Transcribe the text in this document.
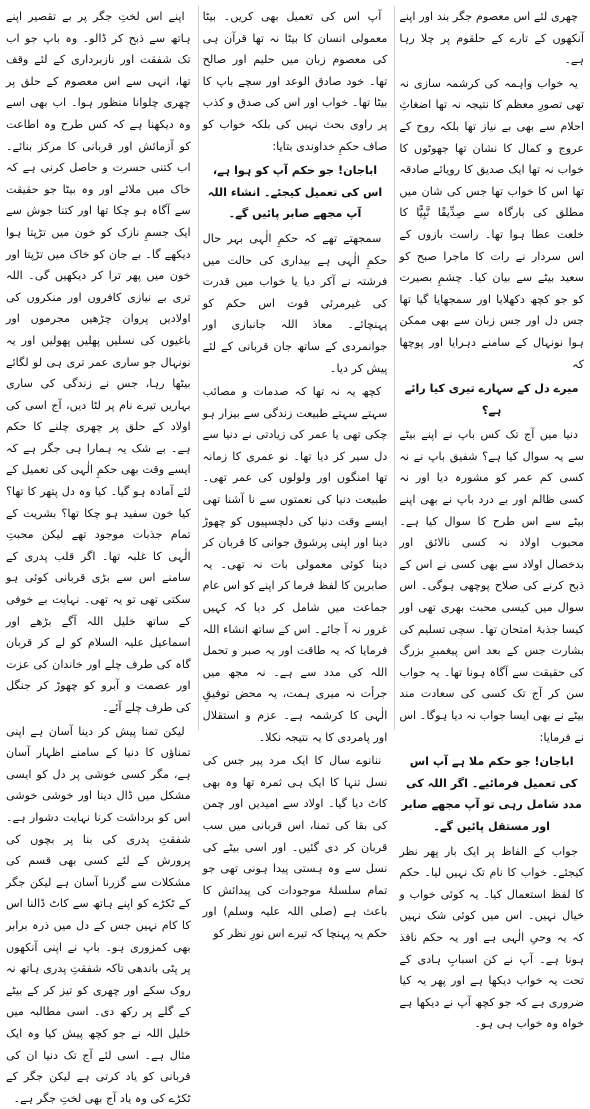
چھری لئے اس معصوم جگر بند اور اپنے آنکھوں کے تارے کے حلقوم پر چلا رہا ہے۔

یہ خواب واہمہ کی کرشمہ سازی نہ تھی تصورِ معظم کا نتیجہ نہ تھا اضغاثِ احلام سے بھی بے نیاز تھا بلکہ روح کے عروج و کمال کا نشان تھا جھوٹوں کا خواب نہ تھا ایک صدیق کا رویائے صادقہ تھا اس کا خواب تھا جس کی شان میں مطلق کی بارگاہ سے صِدِّیقًا نَّبِیًّا کا خلعت عطا ہوا تھا۔ راست بازوں کے اس سردار نے رات کا ماجرا صبح کو سعید بیٹے سے بیان کیا۔ چشمِ بصیرت کو جو کچھ دکھلایا اور سمجھایا گیا تھا جس دل اور جس زبان سے بھی ممکن ہوا نونہال کے سامنے دہرایا اور پوچھا کہ

میرے دل کے سہارے تیری کیا رائے ہے؟

دنیا میں آج تک کس باپ نے اپنے بیٹے سے یہ سوال کیا ہے؟ شفیق باپ نے نہ کسی کم عمر کو مشورہ دیا اور نہ کسی ظالم اور بے درد باپ نے بھی اپنے بیٹے سے اس طرح کا سوال کیا ہے۔ محبوب اولاد نہ کسی نالائق اور بدخصال اولاد سے بھی کسی نے اس کے ذبح کرنے کی صلاح پوچھی ہوگی۔ اس سوال میں کیسی محبت بھری تھی اور کیسا جذبۂ امتحان تھا۔ سچی تسلیم کی بشارت جس کے بعد اس پیغمبرِ بزرگ کی حقیقت سے آگاہ ہونا تھا۔ یہ جواب سن کر آج تک کسی کی سعادت مند بیٹے نے بھی ایسا جواب نہ دیا ہوگا۔ اس نے فرمایا:

اباجان! جو حکم ملا ہے آپ اس کی تعمیل فرمائیے۔ اگر اللہ کی مدد شامل رہی تو آپ مجھے صابر اور مستقل پائیں گے۔

جواب کے الفاظ پر ایک بار پھر نظر کیجئے۔ خواب کا نام تک نہیں لیا۔ حکم کا لفظ استعمال کیا۔ یہ کوئی خواب و خیال نہیں۔ اس میں کوئی شک نہیں کہ یہ وحیِ الٰہی ہے اور یہ حکم نافذ ہونا ہے۔ آپ نے کن اسبابِ ہادی کے تحت یہ خواب دیکھا ہے اور پھر یہ کیا ضروری ہے کہ جو کچھ آپ نے دیکھا ہے خواہ وہ خواب ہی ہو۔

آپ اس کی تعمیل بھی کریں۔ بیٹا معمولی انسان کا بیٹا نہ تھا قرآن ہی کی معصوم زبان میں حلیم اور صالح تھا۔ خود صادق الوعد اور سچے باپ کا بیٹا تھا۔ خواب اور اس کی صدق و کذب پر راوی بحث نہیں کی بلکہ خواب کو صاف حکمِ خداوندی بتایا:

اباجان! جو حکم آپ کو ہوا ہے، اس کی تعمیل کیجئے۔ انشاء اللہ آپ مجھے صابر پائیں گے۔

سمجھتے تھے کہ حکمِ الٰہی بہر حال حکمِ الٰہی ہے بیداری کی حالت میں فرشتہ نے آکر دیا یا خواب میں قدرت کی غیرمرئی قوت اس حکم کو پہنچائے۔ معاذ اللہ جانبازی اور جوانمردی کے ساتھ جان قربانی کے لئے پیش کر دیا۔

کچھ یہ نہ تھا کہ صدمات و مصائب سہتے سہتے طبیعت زندگی سے بیزار ہو چکی تھی یا عمر کی زیادتی نے دنیا سے دل سیر کر دیا تھا۔ نو عمری کا زمانہ تھا امنگوں اور ولولوں کی عمر تھی۔ طبیعت دنیا کی نعمتوں سے نا آشنا تھی ایسے وقت دنیا کی دلچسپیوں کو چھوڑ دینا اور اپنی پرشوق جوانی کا قربان کر دینا کوئی معمولی بات نہ تھی۔ یہ صابرین کا لفظ فرما کر اپنے کو اس عام جماعت میں شامل کر دیا کہ کہیں غرور نہ آ جائے۔ اس کے ساتھ انشاء اللہ فرمایا کہ یہ طاقت اور یہ صبر و تحمل اللہ کی مدد سے ہے۔ نہ مجھ میں جرأت نہ میری ہمت، یہ محض توفیقِ الٰہی کا کرشمہ ہے۔ عزم و استقلال اور پامردی کا یہ نتیجہ نکلا۔

ننانوے سال کا ایک مرد پیر جس کی نسل تنہا کا ایک ہی ثمرہ تھا وہ بھی کاٹ دیا گیا۔ اولاد سے امیدیں اور چمن کی بقا کی تمنا، اس قربانی میں سب قربان کر دی گئیں۔ اور اسی بیٹے کی نسل سے وہ ہستی پیدا ہونی تھی جو تمام سلسلۂ موجودات کی پیدائش کا باعث ہے (صلی اللہ علیہ وسلم) اور حکم یہ پہنچا کہ تیرے اس نورِ نظر کو

اپنے اس لختِ جگر پر بے تقصیر اپنے ہاتھ سے ذبح کر ڈالو۔ وہ باپ جو اب تک شفقت اور نازبرداری کے لئے وقف تھا، انہی سے اس معصوم کے حلق پر چھری چلوانا منظور ہوا۔ اب بھی اسے وہ دیکھنا ہے کہ کس طرح وہ اطاعت کو آزمائش اور قربانی کا مرکز بنائے۔ اب کتنی حسرت و حاصل کرنی ہے کہ خاک میں ملائے اور وہ بیٹا جو حقیقت سے آگاہ ہو چکا تھا اور کتنا جوش سے ایک جسمِ نازک کو خون میں تڑپتا ہوا دیکھے گا۔ بے جان کو خاک میں تڑپتا اور خون میں پھر ترا کر دیکھیں گی۔ اللہ تری بے نیازی کافروں اور منکروں کی اولادیں پروان چڑھیں مجرموں اور باغیوں کی نسلیں پھلیں پھولیں اور یہ نونہال جو ساری عمر تری ہی لو لگائے بیٹھا رہا، جس نے زندگی کی ساری بہاریں تیرے نام پر لٹا دیں، آج اسی کی اولاد کے حلق پر چھری چلنے کا حکم ہے۔ بے شک یہ ہمارا ہی جگر ہے کہ ایسے وقت بھی حکمِ الٰہی کی تعمیل کے لئے آمادہ ہو گیا۔ کیا وہ دل پتھر کا تھا؟ کیا خون سفید ہو چکا تھا؟ بشریت کے تمام جذبات موجود تھے لیکن محبتِ الٰہی کا غلبہ تھا۔ اگر قلب پدری کے سامنے اس سے بڑی قربانی کوئی ہو سکتی تھی تو یہ تھی۔ نہایت بے خوفی کے ساتھ خلیل اللہ آگے بڑھے اور اسماعیل علیہ السلام کو لے کر قربان گاہ کی طرف چلے اور خاندان کی عزت اور عصمت و آبرو کو چھوڑ کر جنگل کی طرف چلے آئے۔

لیکن تمنا پیش کر دینا آسان ہے اپنی تمناؤں کا دنیا کے سامنے اظہار آسان ہے، مگر کسی خوشی پر دل کو ایسی مشکل میں ڈال دینا اور خوشی خوشی اس کو برداشت کرنا نہایت دشوار ہے۔ شفقتِ پدری کی بنا پر بچوں کی پرورش کے لئے کسی بھی قسم کی مشکلات سے گزرنا آسان ہے لیکن جگر کے ٹکڑے کو اپنے ہاتھ سے کاٹ ڈالنا اس کا کام نہیں جس کے دل میں ذرہ برابر بھی کمزوری ہو۔ باپ نے اپنی آنکھوں پر پٹی باندھی تاکہ شفقتِ پدری ہاتھ نہ روک سکے اور چھری کو تیز کر کے بیٹے کے گلے پر رکھ دی۔ اسی مطالبہ میں خلیل اللہ نے جو کچھ پیش کیا وہ ایک مثال ہے۔ اسی لئے آج تک دنیا ان کی قربانی کو یاد کرتی ہے لیکن جگر کے ٹکڑے کی وہ یاد آج بھی لختِ جگر ہے۔
